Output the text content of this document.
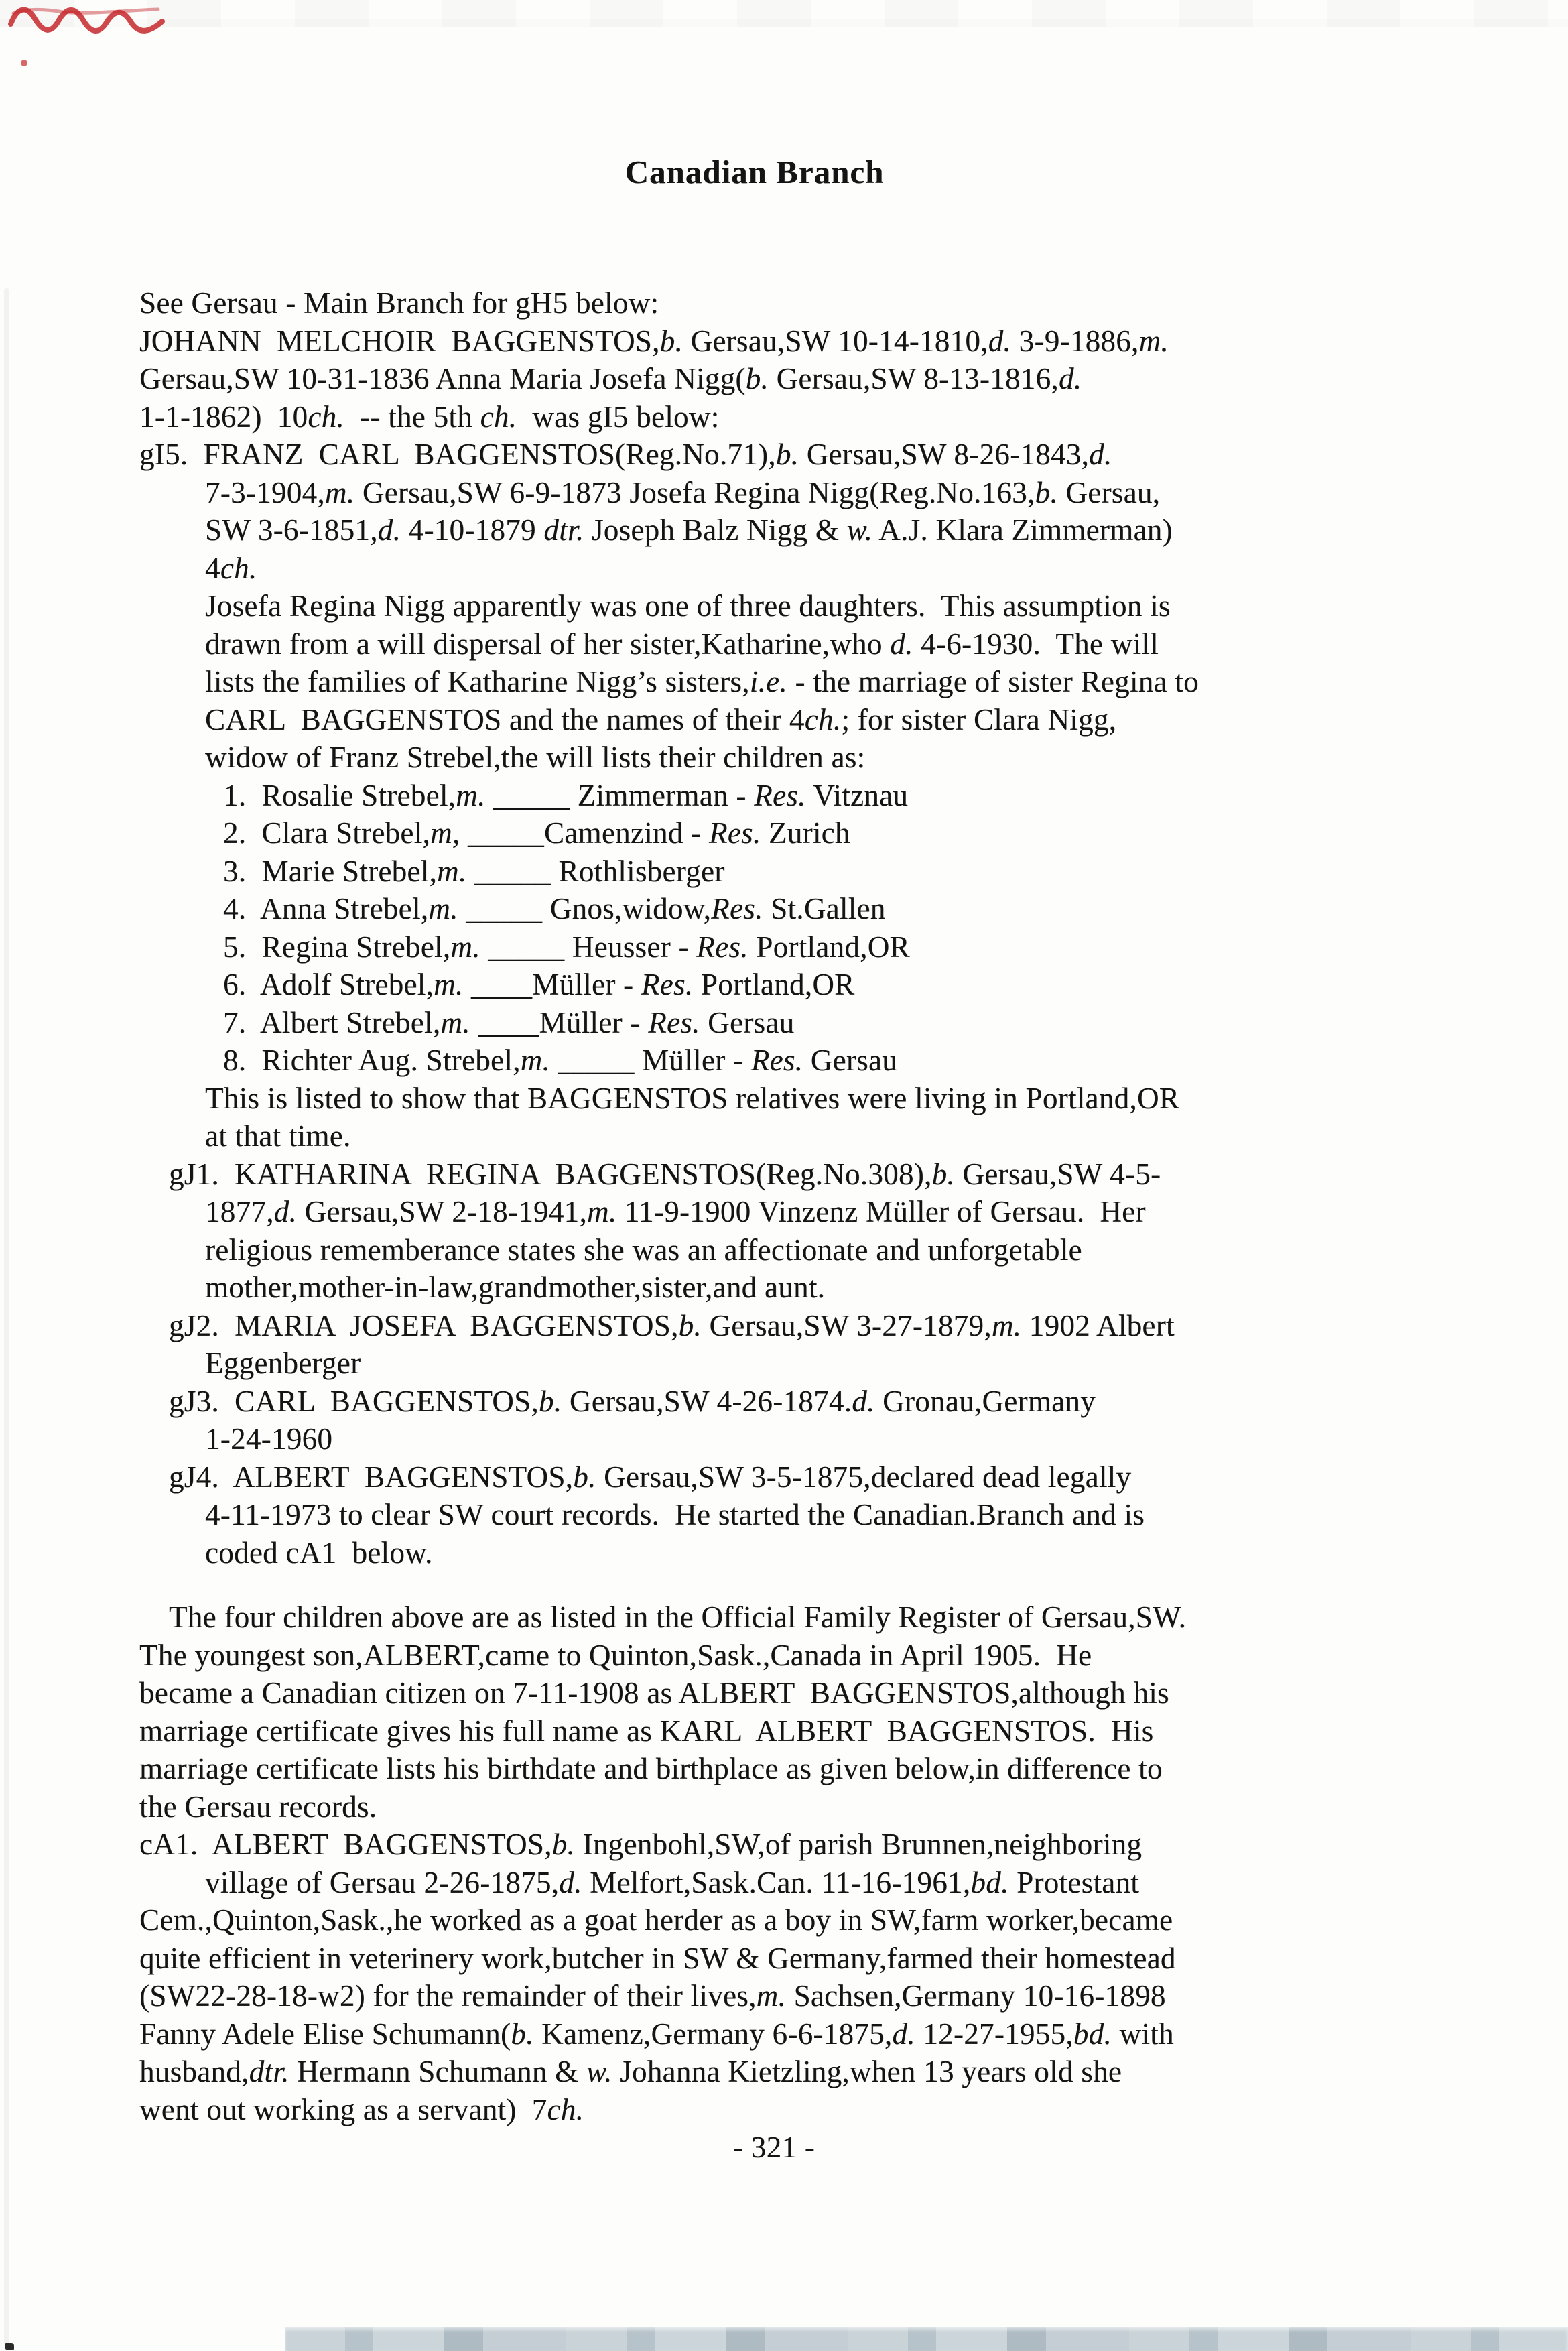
Canadian Branch
See Gersau - Main Branch for gH5 below:
JOHANN  MELCHOIR  BAGGENSTOS,b. Gersau,SW 10-14-1810,d. 3-9-1886,m.
Gersau,SW 10-31-1836 Anna Maria Josefa Nigg(b. Gersau,SW 8-13-1816,d.
1-1-1862)  10ch.  -- the 5th ch.  was gI5 below:
gI5.  FRANZ  CARL  BAGGENSTOS(Reg.No.71),b. Gersau,SW 8-26-1843,d.
7-3-1904,m. Gersau,SW 6-9-1873 Josefa Regina Nigg(Reg.No.163,b. Gersau,
SW 3-6-1851,d. 4-10-1879 dtr. Joseph Balz Nigg & w. A.J. Klara Zimmerman)
4ch.
Josefa Regina Nigg apparently was one of three daughters.  This assumption is
drawn from a will dispersal of her sister,Katharine,who d. 4-6-1930.  The will
lists the families of Katharine Nigg’s sisters,i.e. - the marriage of sister Regina to
CARL  BAGGENSTOS and the names of their 4ch.; for sister Clara Nigg,
widow of Franz Strebel,the will lists their children as:
1.  Rosalie Strebel,m. _____ Zimmerman - Res. Vitznau
2.  Clara Strebel,m, _____Camenzind - Res. Zurich
3.  Marie Strebel,m. _____ Rothlisberger
4.  Anna Strebel,m. _____ Gnos,widow,Res. St.Gallen
5.  Regina Strebel,m. _____ Heusser - Res. Portland,OR
6.  Adolf Strebel,m. ____Müller - Res. Portland,OR
7.  Albert Strebel,m. ____Müller - Res. Gersau
8.  Richter Aug. Strebel,m. _____ Müller - Res. Gersau
This is listed to show that BAGGENSTOS relatives were living in Portland,OR
at that time.
gJ1.  KATHARINA  REGINA  BAGGENSTOS(Rеg.No.308),b. Gersau,SW 4-5-
1877,d. Gersau,SW 2-18-1941,m. 11-9-1900 Vinzenz Müller of Gersau.  Her
religious rememberance states she was an affectionate and unforgetable
mother,mother-in-law,grandmother,sister,and aunt.
gJ2.  MARIA  JOSEFA  BAGGENSTOS,b. Gersau,SW 3-27-1879,m. 1902 Albert
Eggenberger
gJ3.  CARL  BAGGENSTOS,b. Gersau,SW 4-26-1874.d. Gronau,Germany
1-24-1960
gJ4.  ALBERT  BAGGENSTOS,b. Gersau,SW 3-5-1875,declared dead legally
4-11-1973 to clear SW court records.  He started the Canadian.Branch and is
coded cA1  below.
The four children above are as listed in the Official Family Register of Gersau,SW.
The youngest son,ALBERT,came to Quinton,Sask.,Canada in April 1905.  He
became a Canadian citizen on 7-11-1908 as ALBERT  BAGGENSTOS,although his
marriage certificate gives his full name as KARL  ALBERT  BAGGENSTOS.  His
marriage certificate lists his birthdate and birthplace as given below,in difference to
the Gersau records.
cA1.  ALBERT  BAGGENSTOS,b. Ingenbohl,SW,of parish Brunnen,neighboring
village of Gersau 2-26-1875,d. Melfort,Sask.Can. 11-16-1961,bd. Protestant
Cem.,Quinton,Sask.,he worked as a goat herder as a boy in SW,farm worker,became
quite efficient in veterinery work,butcher in SW & Germany,farmed their homestead
(SW22-28-18-w2) for the remainder of their lives,m. Sachsen,Germany 10-16-1898
Fanny Adele Elise Schumann(b. Kamenz,Germany 6-6-1875,d. 12-27-1955,bd. with
husband,dtr. Hermann Schumann & w. Johanna Kietzling,when 13 years old she
went out working as a servant)  7ch.
- 321 -
